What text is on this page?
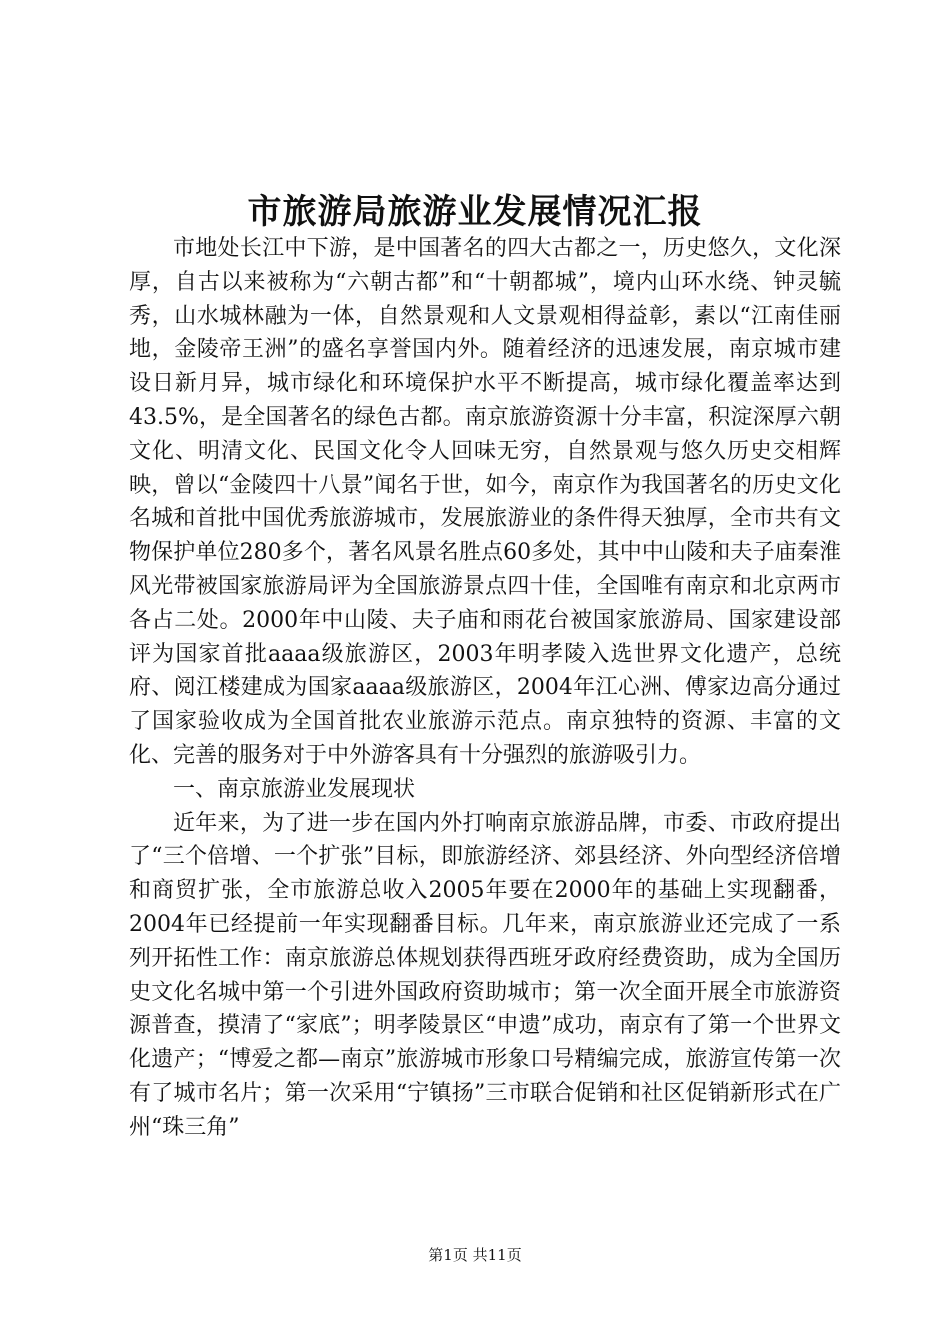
市旅游局旅游业发展情况汇报

市地处长江中下游，是中国著名的四大古都之一，历史悠久，文化深厚，自古以来被称为“六朝古都”和“十朝都城”，境内山环水绕、钟灵毓秀，山水城林融为一体，自然景观和人文景观相得益彰，素以“江南佳丽地，金陵帝王洲”的盛名享誉国内外。随着经济的迅速发展，南京城市建设日新月异，城市绿化和环境保护水平不断提高，城市绿化覆盖率达到43.5%，是全国著名的绿色古都。南京旅游资源十分丰富，积淀深厚六朝文化、明清文化、民国文化令人回味无穷，自然景观与悠久历史交相辉映，曾以“金陵四十八景”闻名于世，如今，南京作为我国著名的历史文化名城和首批中国优秀旅游城市，发展旅游业的条件得天独厚，全市共有文物保护单位280多个，著名风景名胜点60多处，其中中山陵和夫子庙秦淮风光带被国家旅游局评为全国旅游景点四十佳，全国唯有南京和北京两市各占二处。2000年中山陵、夫子庙和雨花台被国家旅游局、国家建设部评为国家首批aaaa级旅游区，2003年明孝陵入选世界文化遗产，总统府、阅江楼建成为国家aaaa级旅游区，2004年江心洲、傅家边高分通过了国家验收成为全国首批农业旅游示范点。南京独特的资源、丰富的文化、完善的服务对于中外游客具有十分强烈的旅游吸引力。

一、南京旅游业发展现状

近年来，为了进一步在国内外打响南京旅游品牌，市委、市政府提出了“三个倍增、一个扩张”目标，即旅游经济、郊县经济、外向型经济倍增和商贸扩张，全市旅游总收入2005年要在2000年的基础上实现翻番，2004年已经提前一年实现翻番目标。几年来，南京旅游业还完成了一系列开拓性工作：南京旅游总体规划获得西班牙政府经费资助，成为全国历史文化名城中第一个引进外国政府资助城市；第一次全面开展全市旅游资源普查，摸清了“家底”；明孝陵景区“申遗”成功，南京有了第一个世界文化遗产；“博爱之都—南京”旅游城市形象口号精编完成，旅游宣传第一次有了城市名片；第一次采用“宁镇扬”三市联合促销和社区促销新形式在广州“珠三角”

第1页 共11页
